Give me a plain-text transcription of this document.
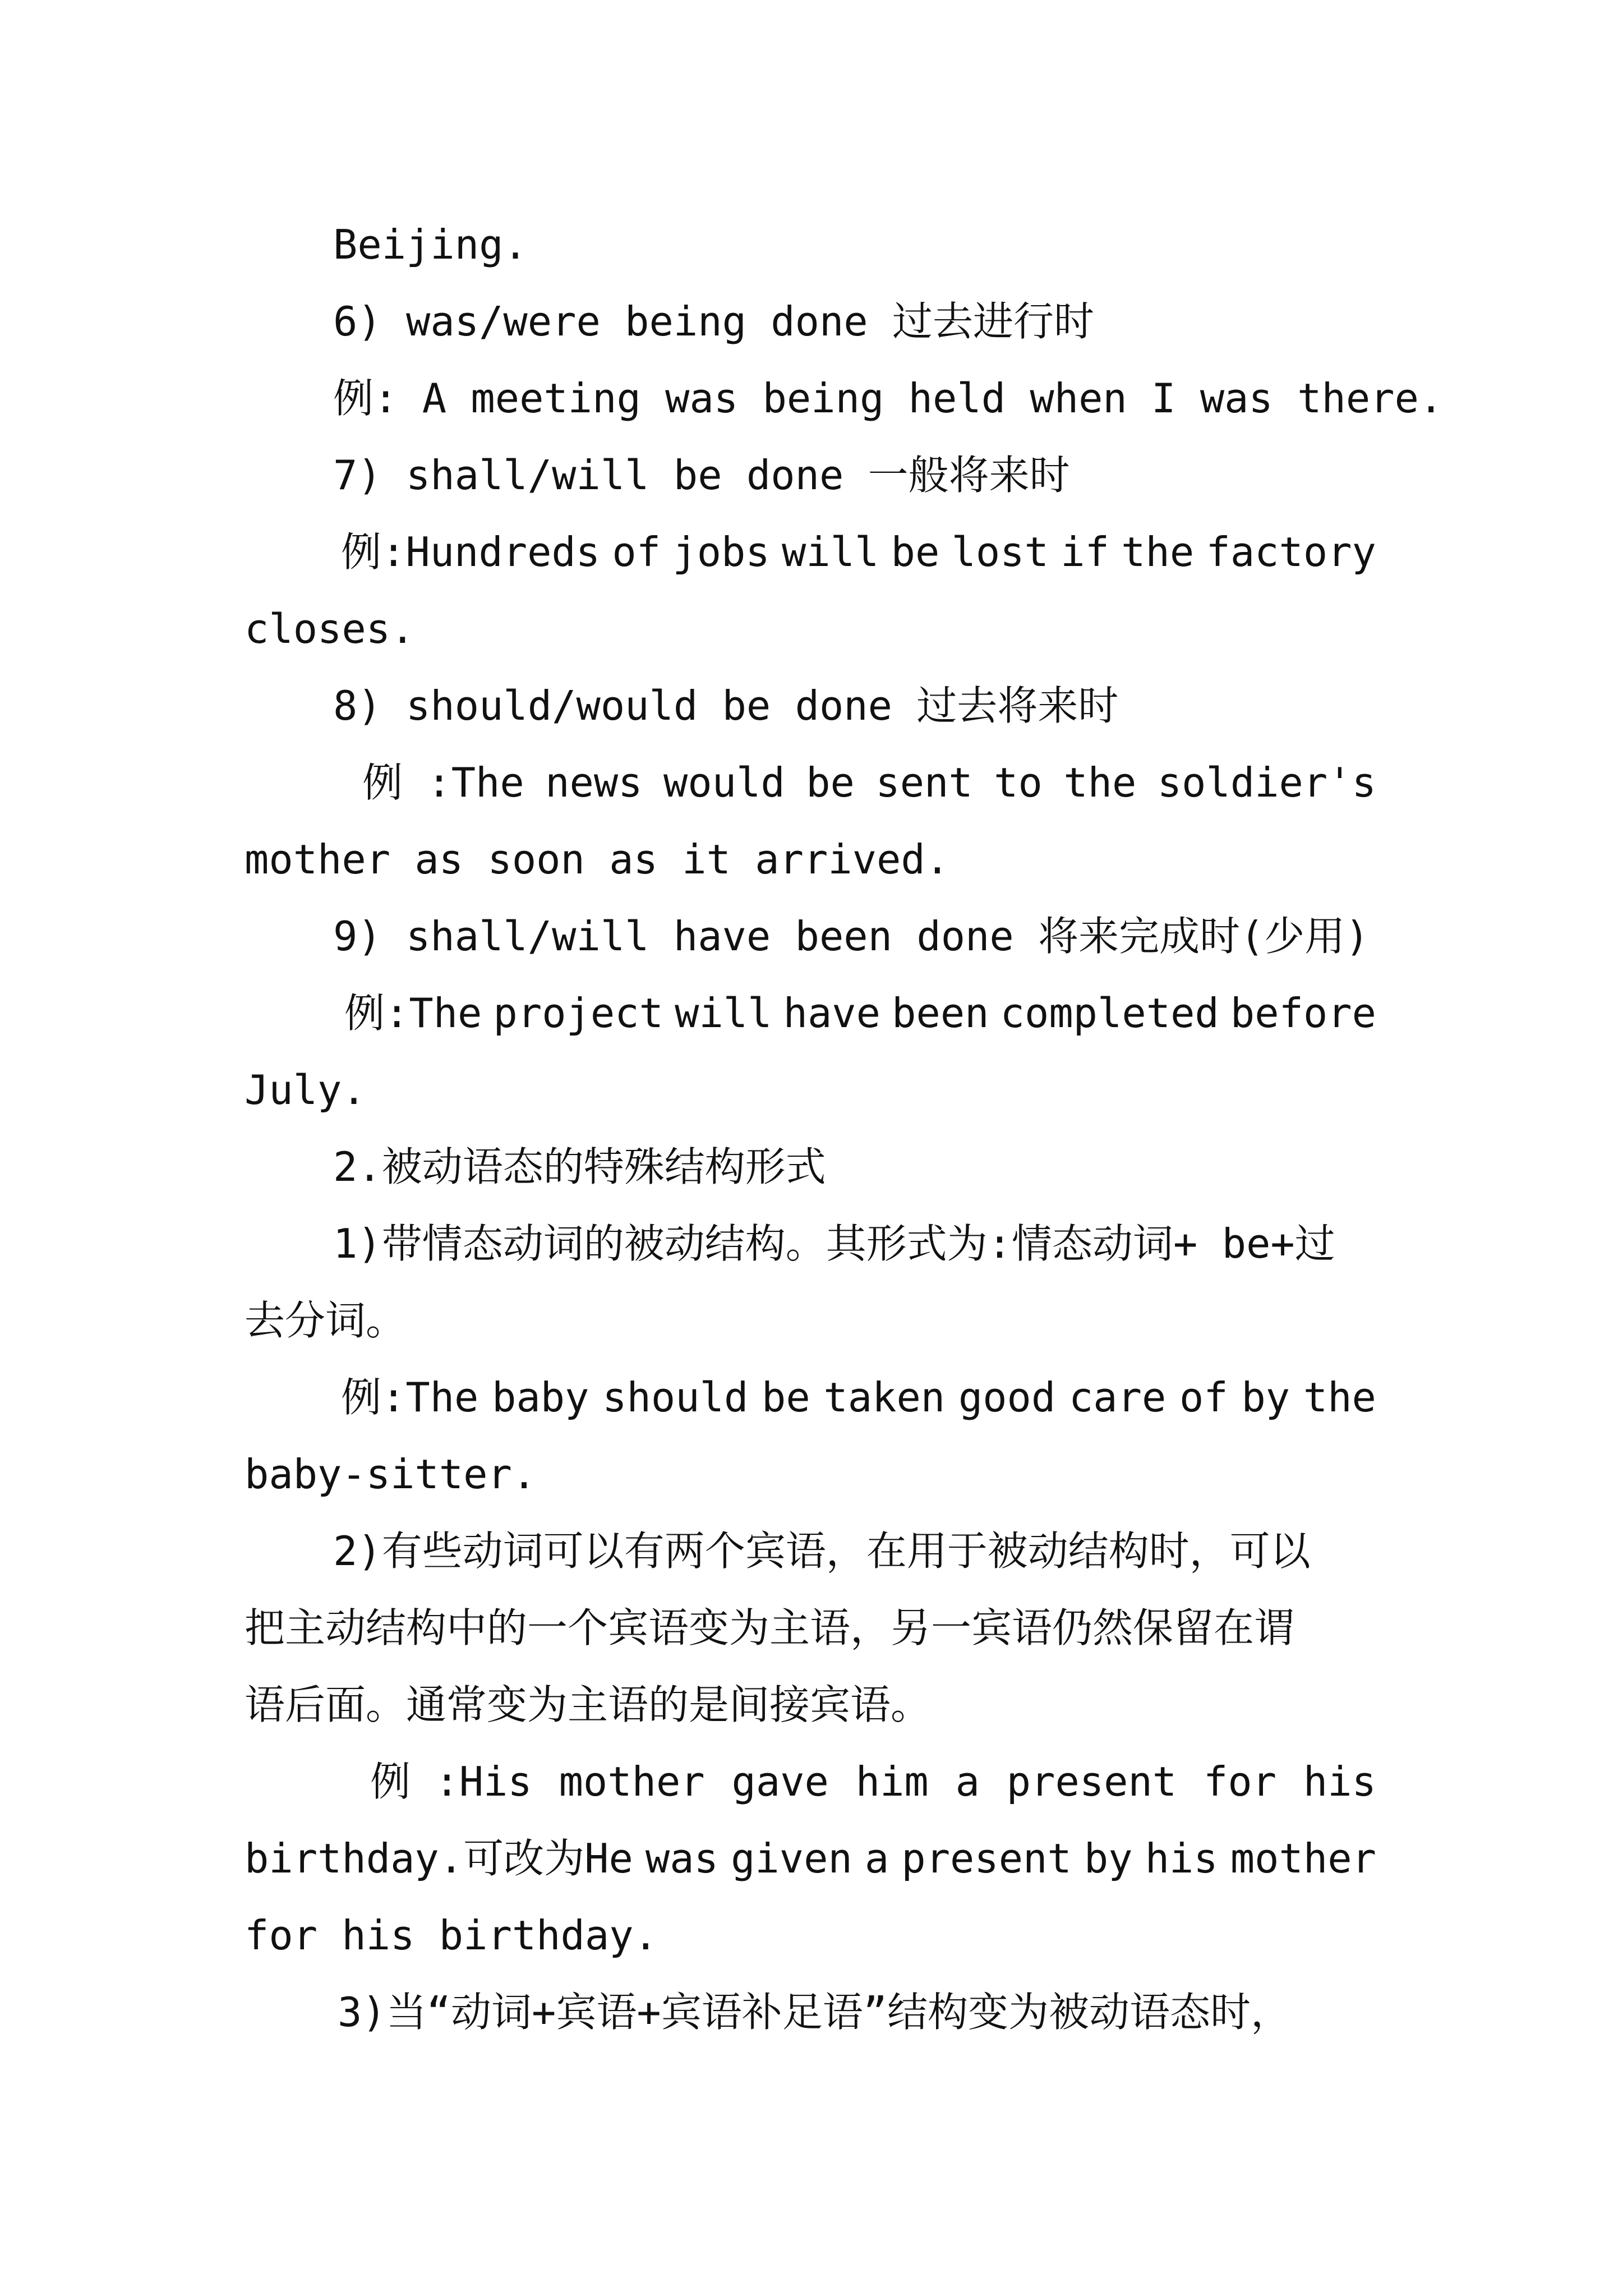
Beijing.
6) was/were being done 过去进行时
例: A meeting was being held when I was there.
7) shall/will be done 一般将来时
例:Hundreds of jobs will be lost if the factory
closes.
8) should/would be done 过去将来时
例 :The news would be sent to the soldier's
mother as soon as it arrived.
9) shall/will have been done 将来完成时(少用)
例:The project will have been completed before
July.
2.被动语态的特殊结构形式
1)带情态动词的被动结构。其形式为:情态动词+ be+过
去分词。
例:The baby should be taken good care of by the
baby-sitter.
2)有些动词可以有两个宾语，在用于被动结构时，可以
把主动结构中的一个宾语变为主语，另一宾语仍然保留在谓
语后面。通常变为主语的是间接宾语。
例 :His mother gave him a present for his
birthday.可改为He was given a present by his mother
for his birthday.
3)当“动词+宾语+宾语补足语”结构变为被动语态时，
